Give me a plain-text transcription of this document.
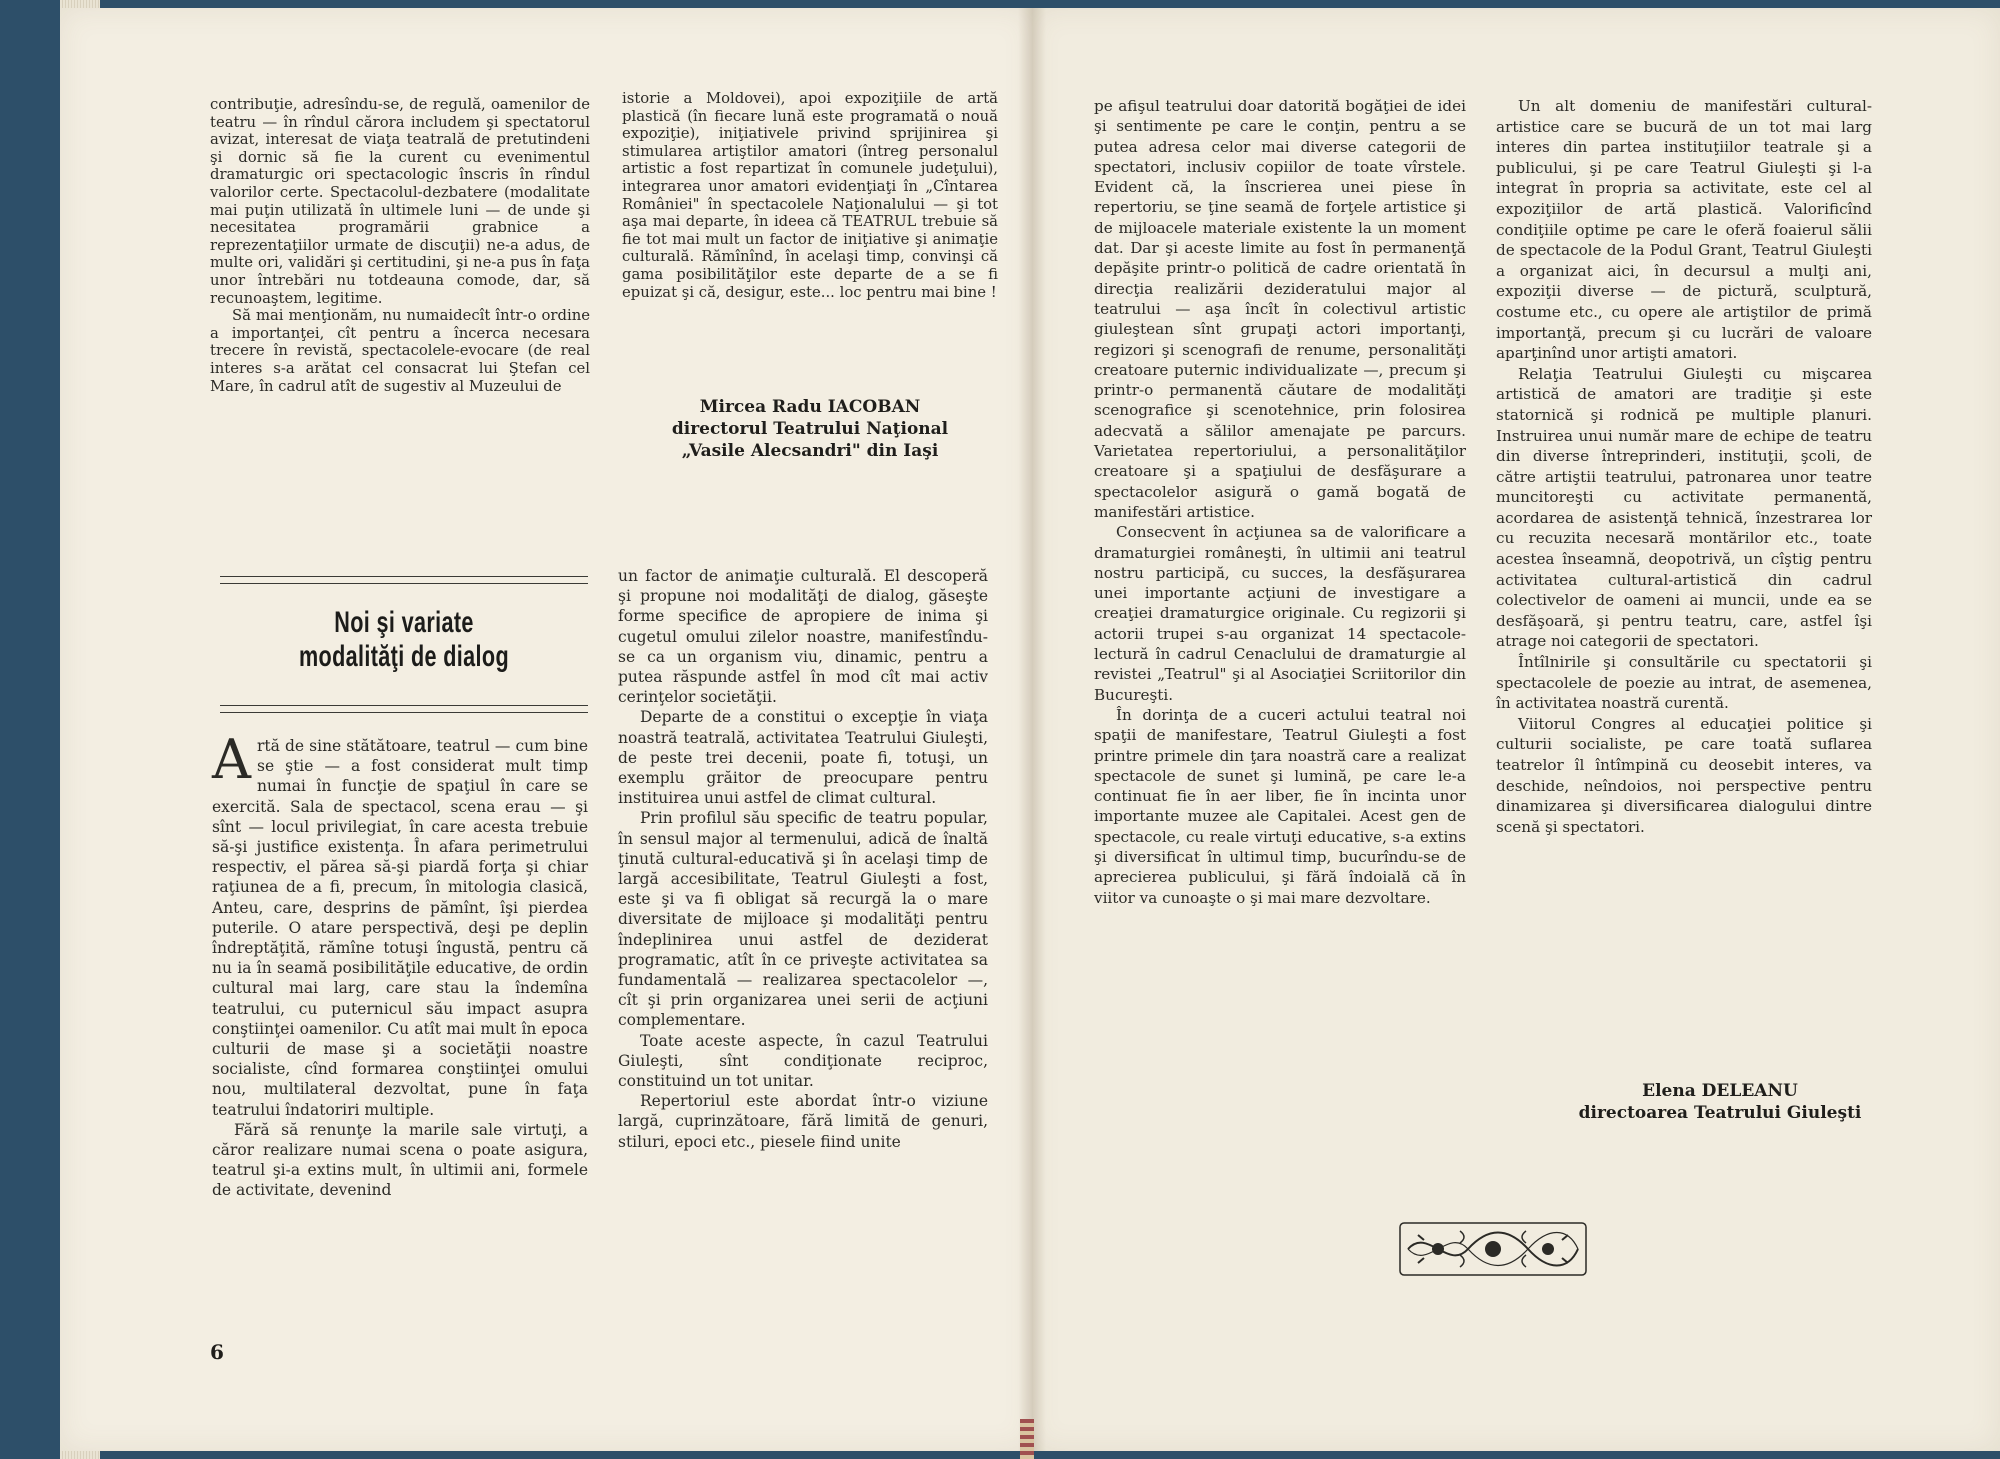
contribuţie, adresîndu-se, de regulă, oamenilor de teatru — în rîndul cărora includem şi spectatorul avizat, interesat de viaţa teatrală de pretutindeni şi dornic să fie la curent cu evenimentul dramaturgic ori spectacologic înscris în rîndul valorilor certe. Spectacolul-dezbatere (modalitate mai puţin utilizată în ultimele luni — de unde şi necesitatea programării grabnice a reprezentaţiilor urmate de discuţii) ne-a adus, de multe ori, validări şi certitudini, şi ne-a pus în faţa unor întrebări nu totdeauna comode, dar, să recunoaştem, legitime.

Să mai menţionăm, nu numaidecît într-o ordine a importanţei, cît pentru a încerca necesara trecere în revistă, spectacolele-evocare (de real interes s-a arătat cel consacrat lui Ştefan cel Mare, în cadrul atît de sugestiv al Muzeului de

istorie a Moldovei), apoi expoziţiile de artă plastică (în fiecare lună este programată o nouă expoziţie), iniţiativele privind sprijinirea şi stimularea artiştilor amatori (întreg personalul artistic a fost repartizat în comunele judeţului), integrarea unor amatori evidenţiaţi în „Cîntarea României" în spectacolele Naţionalului — şi tot aşa mai departe, în ideea că TEATRUL trebuie să fie tot mai mult un factor de iniţiative şi animaţie culturală. Rămînînd, în acelaşi timp, convinşi că gama posibilităţilor este departe de a se fi epuizat şi că, desigur, este... loc pentru mai bine !

Mircea Radu IACOBAN
directorul Teatrului Naţional
„Vasile Alecsandri" din Iaşi
Noi şi variate
modalităţi de dialog

Artă de sine stătătoare, teatrul — cum bine se ştie — a fost considerat mult timp numai în funcţie de spaţiul în care se exercită. Sala de spectacol, scena erau — şi sînt — locul privilegiat, în care acesta trebuie să-şi justifice existenţa. În afara perimetrului respectiv, el părea să-şi piardă forţa şi chiar raţiunea de a fi, precum, în mitologia clasică, Anteu, care, desprins de pămînt, îşi pierdea puterile. O atare perspectivă, deşi pe deplin îndreptăţită, rămîne totuşi îngustă, pentru că nu ia în seamă posibilităţile educative, de ordin cultural mai larg, care stau la îndemîna teatrului, cu puternicul său impact asupra conştiinţei oamenilor. Cu atît mai mult în epoca culturii de mase şi a societăţii noastre socialiste, cînd formarea conştiinţei omului nou, multilateral dezvoltat, pune în faţa teatrului îndatoriri multiple.

Fără să renunţe la marile sale virtuţi, a căror realizare numai scena o poate asigura, teatrul şi-a extins mult, în ultimii ani, formele de activitate, devenind

un factor de animaţie culturală. El descoperă şi propune noi modalităţi de dialog, găseşte forme specifice de apropiere de inima şi cugetul omului zilelor noastre, manifestîndu-se ca un organism viu, dinamic, pentru a putea răspunde astfel în mod cît mai activ cerinţelor societăţii.

Departe de a constitui o excepţie în viaţa noastră teatrală, activitatea Teatrului Giuleşti, de peste trei decenii, poate fi, totuşi, un exemplu grăitor de preocupare pentru instituirea unui astfel de climat cultural.

Prin profilul său specific de teatru popular, în sensul major al termenului, adică de înaltă ţinută cultural-educativă şi în acelaşi timp de largă accesibilitate, Teatrul Giuleşti a fost, este şi va fi obligat să recurgă la o mare diversitate de mijloace şi modalităţi pentru îndeplinirea unui astfel de deziderat programatic, atît în ce priveşte activitatea sa fundamentală — realizarea spectacolelor —, cît şi prin organizarea unei serii de acţiuni complementare.

Toate aceste aspecte, în cazul Teatrului Giuleşti, sînt condiţionate reciproc, constituind un tot unitar.

Repertoriul este abordat într-o viziune largă, cuprinzătoare, fără limită de genuri, stiluri, epoci etc., piesele fiind unite

6

pe afişul teatrului doar datorită bogăţiei de idei şi sentimente pe care le conţin, pentru a se putea adresa celor mai diverse categorii de spectatori, inclusiv copiilor de toate vîrstele. Evident că, la înscrierea unei piese în repertoriu, se ţine seamă de forţele artistice şi de mijloacele materiale existente la un moment dat. Dar şi aceste limite au fost în permanenţă depăşite printr-o politică de cadre orientată în direcţia realizării dezideratului major al teatrului — aşa încît în colectivul artistic giuleştean sînt grupaţi actori importanţi, regizori şi scenografi de renume, personalităţi creatoare puternic individualizate —, precum şi printr-o permanentă căutare de modalităţi scenografice şi scenotehnice, prin folosirea adecvată a sălilor amenajate pe parcurs. Varietatea repertoriului, a personalităţilor creatoare şi a spaţiului de desfăşurare a spectacolelor asigură o gamă bogată de manifestări artistice.

Consecvent în acţiunea sa de valorificare a dramaturgiei româneşti, în ultimii ani teatrul nostru participă, cu succes, la desfăşurarea unei importante acţiuni de investigare a creaţiei dramaturgice originale. Cu regizorii şi actorii trupei s-au organizat 14 spectacole-lectură în cadrul Cenaclului de dramaturgie al revistei „Teatrul" şi al Asociaţiei Scriitorilor din Bucureşti.

În dorinţa de a cuceri actului teatral noi spaţii de manifestare, Teatrul Giuleşti a fost printre primele din ţara noastră care a realizat spectacole de sunet şi lumină, pe care le-a continuat fie în aer liber, fie în incinta unor importante muzee ale Capitalei. Acest gen de spectacole, cu reale virtuţi educative, s-a extins şi diversificat în ultimul timp, bucurîndu-se de aprecierea publicului, şi fără îndoială că în viitor va cunoaşte o şi mai mare dezvoltare.

Un alt domeniu de manifestări cultural-artistice care se bucură de un tot mai larg interes din partea instituţiilor teatrale şi a publicului, şi pe care Teatrul Giuleşti şi l-a integrat în propria sa activitate, este cel al expoziţiilor de artă plastică. Valorificînd condiţiile optime pe care le oferă foaierul sălii de spectacole de la Podul Grant, Teatrul Giuleşti a organizat aici, în decursul a mulţi ani, expoziţii diverse — de pictură, sculptură, costume etc., cu opere ale artiştilor de primă importanţă, precum şi cu lucrări de valoare aparţinînd unor artişti amatori.

Relaţia Teatrului Giuleşti cu mişcarea artistică de amatori are tradiţie şi este statornică şi rodnică pe multiple planuri. Instruirea unui număr mare de echipe de teatru din diverse întreprinderi, instituţii, şcoli, de către artiştii teatrului, patronarea unor teatre muncitoreşti cu activitate permanentă, acordarea de asistenţă tehnică, înzestrarea lor cu recuzita necesară montărilor etc., toate acestea înseamnă, deopotrivă, un cîştig pentru activitatea cultural-artistică din cadrul colectivelor de oameni ai muncii, unde ea se desfăşoară, şi pentru teatru, care, astfel îşi atrage noi categorii de spectatori.

Întîlnirile şi consultările cu spectatorii şi spectacolele de poezie au intrat, de asemenea, în activitatea noastră curentă.

Viitorul Congres al educaţiei politice şi culturii socialiste, pe care toată suflarea teatrelor îl întîmpină cu deosebit interes, va deschide, neîndoios, noi perspective pentru dinamizarea şi diversificarea dialogului dintre scenă şi spectatori.

Elena DELEANU
directoarea Teatrului Giuleşti
